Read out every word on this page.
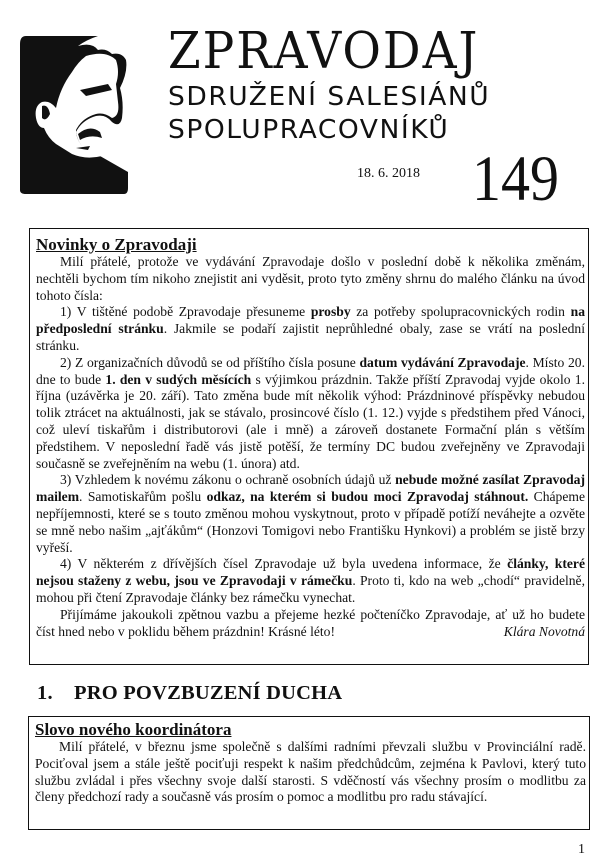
ZPRAVODAJ
SDRUŽENÍ SALESIÁNŮ
SPOLUPRACOVNÍKŮ
18. 6. 2018 149
Novinky o Zpravodaji

Milí přátelé, protože ve vydávání Zpravodaje došlo v poslední době k několika změnám, nechtěli bychom tím nikoho znejistit ani vyděsit, proto tyto změny shrnu do malého článku na úvod tohoto čísla:

1) V tištěné podobě Zpravodaje přesuneme prosby za potřeby spolupracovnických rodin na předposlední stránku. Jakmile se podaří zajistit neprůhledné obaly, zase se vrátí na poslední stránku.

2) Z organizačních důvodů se od příštího čísla posune datum vydávání Zpravodaje. Místo 20. dne to bude 1. den v sudých měsících s výjimkou prázdnin. Takže příští Zpravodaj vyjde okolo 1. října (uzávěrka je 20. září). Tato změna bude mít několik výhod: Prázdninové příspěvky nebudou tolik ztrácet na aktuálnosti, jak se stávalo, prosincové číslo (1. 12.) vyjde s předstihem před Vánoci, což uleví tiskařům i distributorovi (ale i mně) a zároveň dostanete Formační plán s větším předstihem. V neposlední řadě vás jistě potěší, že termíny DC budou zveřejněny ve Zpravodaji současně se zveřejněním na webu (1. února) atd.

3) Vzhledem k novému zákonu o ochraně osobních údajů už nebude možné zasílat Zpravodaj mailem. Samotiskařům pošlu odkaz, na kterém si budou moci Zpravodaj stáhnout. Chápeme nepříjemnosti, které se s touto změnou mohou vyskytnout, proto v případě potíží neváhejte a ozvěte se mně nebo našim „ajťákům“ (Honzovi Tomigovi nebo Františku Hynkovi) a problém se jistě brzy vyřeší.

4) V některém z dřívějších čísel Zpravodaje už byla uvedena informace, že články, které nejsou staženy z webu, jsou ve Zpravodaji v rámečku. Proto ti, kdo na web „chodí“ pravidelně, mohou při čtení Zpravodaje články bez rámečku vynechat.

Přijímáme jakoukoli zpětnou vazbu a přejeme hezké počteníčko Zpravodaje, ať už ho budete číst hned nebo v poklidu během prázdnin! Krásné léto!	Klára Novotná

1. PRO POVZBUZENÍ DUCHA
Slovo nového koordinátora

Milí přátelé, v březnu jsme společně s dalšími radními převzali službu v Provinciální radě. Pociťoval jsem a stále ještě pociťuji respekt k našim předchůdcům, zejména k Pavlovi, který tuto službu zvládal i přes všechny svoje další starosti. S vděčností vás všechny prosím o modlitbu za členy předchozí rady a současně vás prosím o pomoc a modlitbu pro radu stávající.

1
